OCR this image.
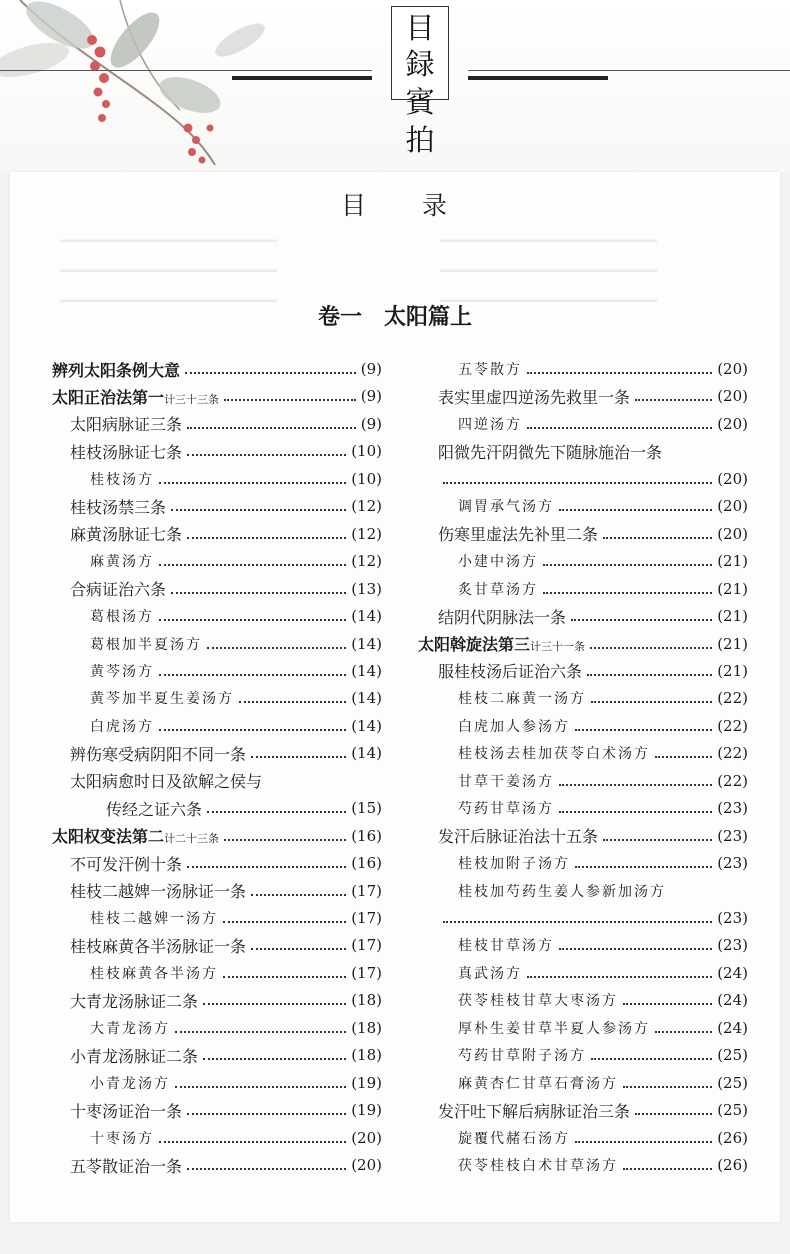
目
録
賓
拍
━━━━━━━━━━━━━━━━━━━━━━━━
━━━━━━━━━━━━━━━━━━━━━━━━
━━━━━━━━━━━━━━━━━━━━━━━━
━━━━━━━━━━━━━━━━━━━━━━━━
━━━━━━━━━━━━━━━━━━━━━━━━
━━━━━━━━━━━━━━━━━━━━━━━━
目　　录
卷一　太阳篇上
辨列太阳条例大意	(9)
太阳正治法第一计三十三条	(9)
太阳病脉证三条	(9)
桂枝汤脉证七条	(10)
桂枝汤方	(10)
桂枝汤禁三条	(12)
麻黄汤脉证七条	(12)
麻黄汤方	(12)
合病证治六条	(13)
葛根汤方	(14)
葛根加半夏汤方	(14)
黄芩汤方	(14)
黄芩加半夏生姜汤方	(14)
白虎汤方	(14)
辨伤寒受病阴阳不同一条	(14)
太阳病愈时日及欲解之侯与
传经之证六条	(15)
太阳权变法第二计二十三条	(16)
不可发汗例十条	(16)
桂枝二越婢一汤脉证一条	(17)
桂枝二越婢一汤方	(17)
桂枝麻黄各半汤脉证一条	(17)
桂枝麻黄各半汤方	(17)
大青龙汤脉证二条	(18)
大青龙汤方	(18)
小青龙汤脉证二条	(18)
小青龙汤方	(19)
十枣汤证治一条	(19)
十枣汤方	(20)
五苓散证治一条	(20)
五苓散方	(20)
表实里虚四逆汤先救里一条	(20)
四逆汤方	(20)
阳微先汗阴微先下随脉施治一条
(20)
调胃承气汤方	(20)
伤寒里虚法先补里二条	(20)
小建中汤方	(21)
炙甘草汤方	(21)
结阴代阴脉法一条	(21)
太阳斡旋法第三计三十一条	(21)
服桂枝汤后证治六条	(21)
桂枝二麻黄一汤方	(22)
白虎加人参汤方	(22)
桂枝汤去桂加茯苓白术汤方	(22)
甘草干姜汤方	(22)
芍药甘草汤方	(23)
发汗后脉证治法十五条	(23)
桂枝加附子汤方	(23)
桂枝加芍药生姜人参新加汤方
(23)
桂枝甘草汤方	(23)
真武汤方	(24)
茯苓桂枝甘草大枣汤方	(24)
厚朴生姜甘草半夏人参汤方	(24)
芍药甘草附子汤方	(25)
麻黄杏仁甘草石膏汤方	(25)
发汗吐下解后病脉证治三条	(25)
旋覆代赭石汤方	(26)
茯苓桂枝白术甘草汤方	(26)
